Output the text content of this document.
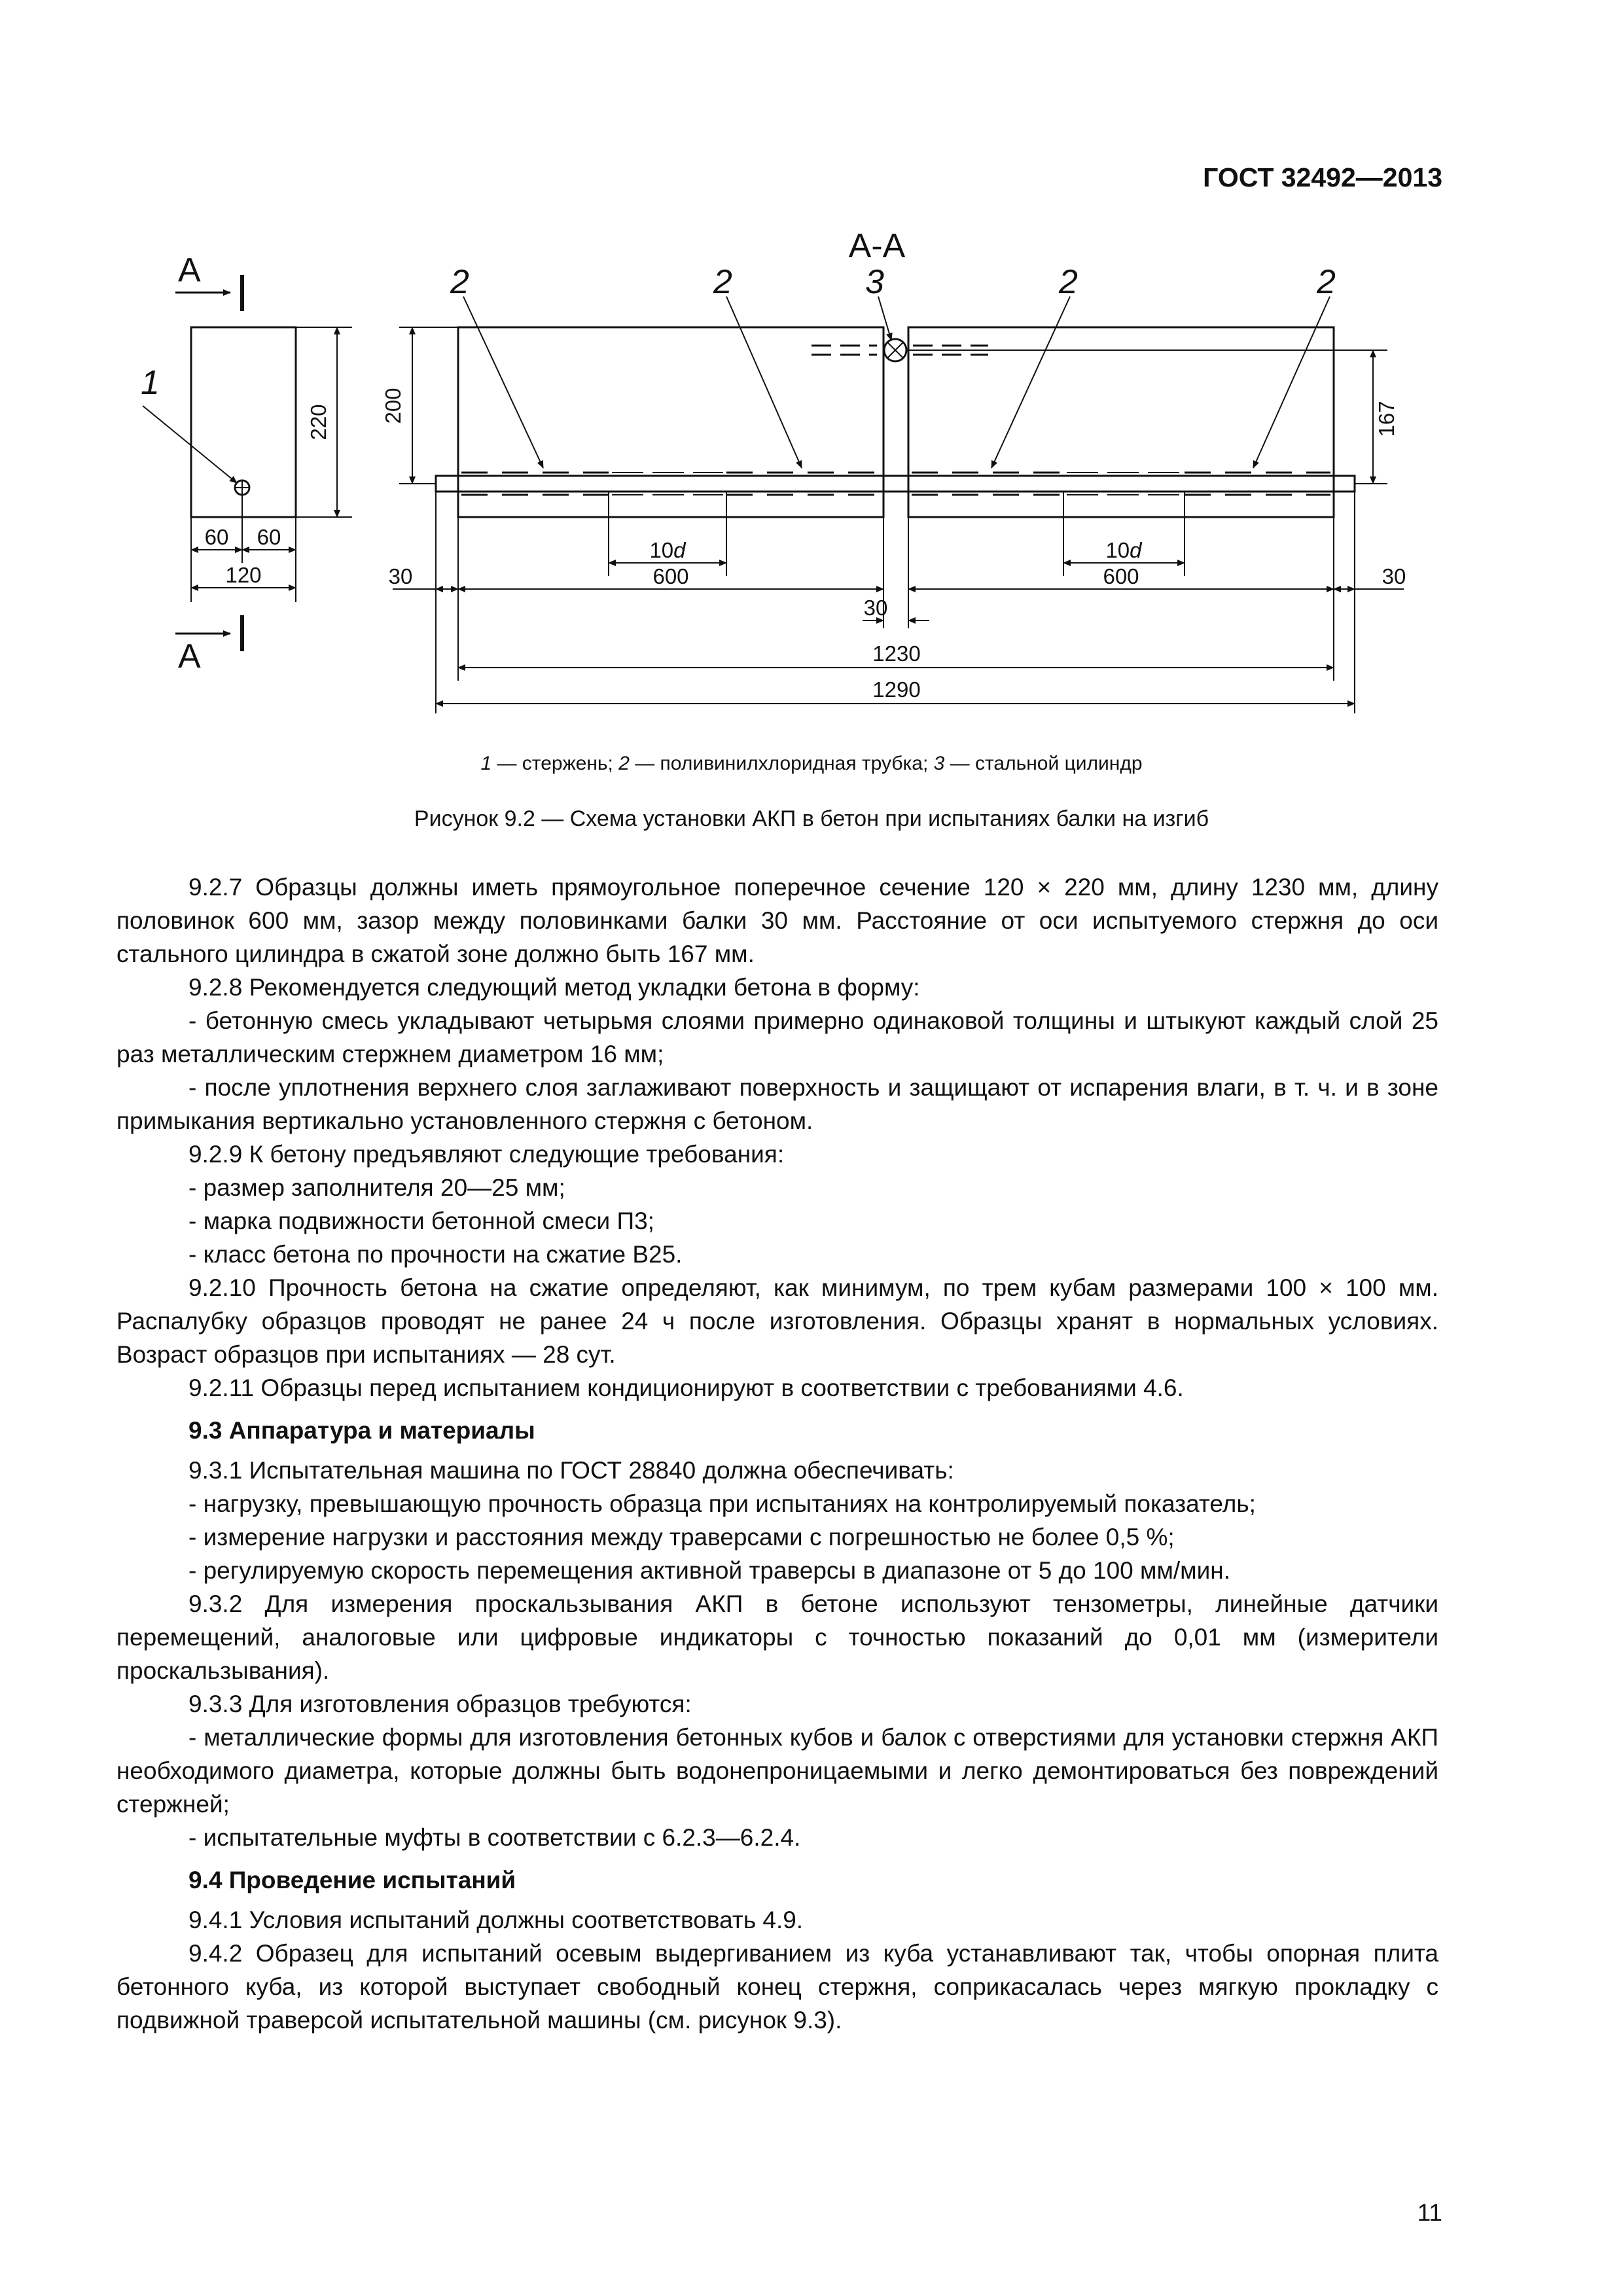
ГОСТ 32492—2013
А-А
А
А
1
2	2	3	2	2
220 200	167
60 60
120
10d	10d
600	600
30	30
30
1230
1290
1 — стержень; 2 — поливинилхлоридная трубка; 3 — стальной цилиндр
Рисунок 9.2 — Схема установки АКП в бетон при испытаниях балки на изгиб

9.2.7 Образцы должны иметь прямоугольное поперечное сечение 120 × 220 мм, длину 1230 мм, длину половинок 600 мм, зазор между половинками балки 30 мм. Расстояние от оси испытуемого стержня до оси стального цилиндра в сжатой зоне должно быть 167 мм.

9.2.8 Рекомендуется следующий метод укладки бетона в форму:

- бетонную смесь укладывают четырьмя слоями примерно одинаковой толщины и штыкуют каждый слой 25 раз металлическим стержнем диаметром 16 мм;

- после уплотнения верхнего слоя заглаживают поверхность и защищают от испарения влаги, в т. ч. и в зоне примыкания вертикально установленного стержня с бетоном.

9.2.9 К бетону предъявляют следующие требования:

- размер заполнителя 20—25 мм;

- марка подвижности бетонной смеси П3;

- класс бетона по прочности на сжатие В25.

9.2.10 Прочность бетона на сжатие определяют, как минимум, по трем кубам размерами 100 × 100 мм. Распалубку образцов проводят не ранее 24 ч после изготовления. Образцы хранят в нормальных условиях. Возраст образцов при испытаниях — 28 сут.

9.2.11 Образцы перед испытанием кондиционируют в соответствии с требованиями 4.6.

9.3 Аппаратура и материалы

9.3.1 Испытательная машина по ГОСТ 28840 должна обеспечивать:

- нагрузку, превышающую прочность образца при испытаниях на контролируемый показатель;

- измерение нагрузки и расстояния между траверсами с погрешностью не более 0,5 %;

- регулируемую скорость перемещения активной траверсы в диапазоне от 5 до 100 мм/мин.

9.3.2 Для измерения проскальзывания АКП в бетоне используют тензометры, линейные датчики перемещений, аналоговые или цифровые индикаторы с точностью показаний до 0,01 мм (измерители проскальзывания).

9.3.3 Для изготовления образцов требуются:

- металлические формы для изготовления бетонных кубов и балок с отверстиями для установки стержня АКП необходимого диаметра, которые должны быть водонепроницаемыми и легко демонтироваться без повреждений стержней;

- испытательные муфты в соответствии с 6.2.3—6.2.4.

9.4 Проведение испытаний

9.4.1 Условия испытаний должны соответствовать 4.9.

9.4.2 Образец для испытаний осевым выдергиванием из куба устанавливают так, чтобы опорная плита бетонного куба, из которой выступает свободный конец стержня, соприкасалась через мягкую прокладку с подвижной траверсой испытательной машины (см. рисунок 9.3).

11
